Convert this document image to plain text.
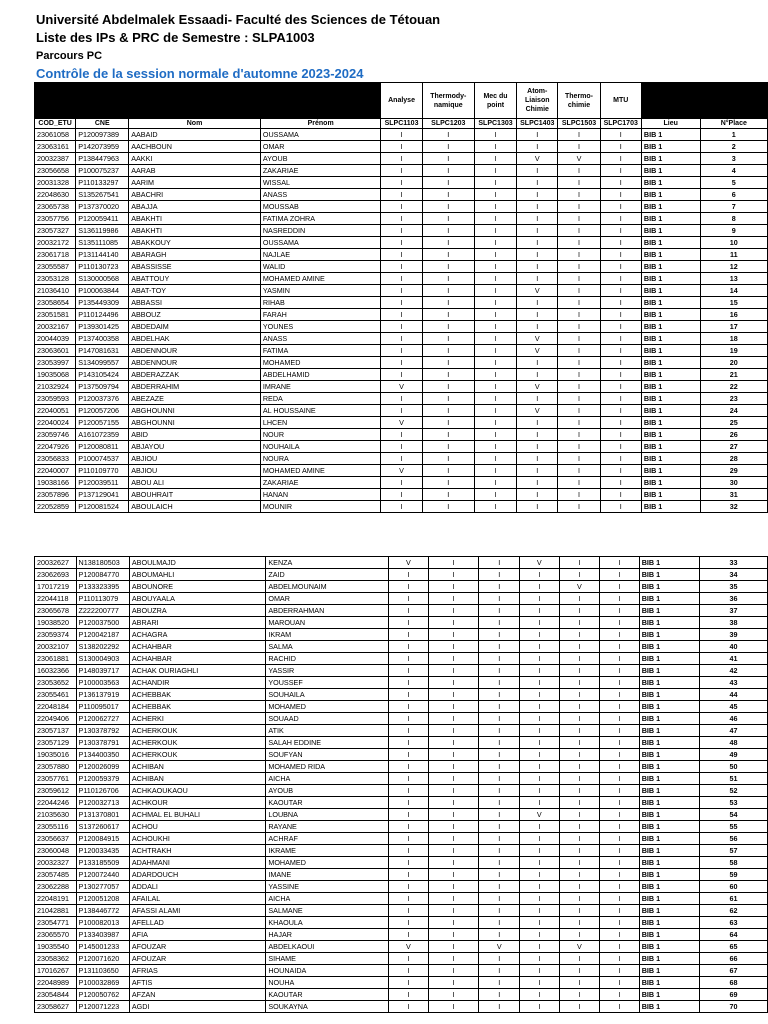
Université Abdelmalek Essaadi- Faculté des Sciences de Tétouan
Liste des IPs & PRC de Semestre : SLPA1003
Parcours PC
Contrôle de la session normale d'automne 2023-2024
				Analyse	Thermody-namique	Mec du point	Atom-Liaison Chimie	Thermo-chimie	MTU		
COD_ETU	CNE	Nom	Prénom	SLPC1103	SLPC1203	SLPC1303	SLPC1403	SLPC1503	SLPC1703	Lieu	N°Place
23061058	P120097389	AABAID	OUSSAMA	I	I	I	I	I	I	BIB 1	1
23063161	P142073959	AACHBOUN	OMAR	I	I	I	I	I	I	BIB 1	2
20032387	P138447963	AAKKI	AYOUB	I	I	I	V	V	I	BIB 1	3
23056658	P100075237	AARAB	ZAKARIAE	I	I	I	I	I	I	BIB 1	4
20031328	P110133297	AARIM	WISSAL	I	I	I	I	I	I	BIB 1	5
22048630	S135267541	ABACHRI	ANASS	I	I	I	I	I	I	BIB 1	6
23065738	P137370020	ABAJJA	MOUSSAB	I	I	I	I	I	I	BIB 1	7
23057756	P120059411	ABAKHTI	FATIMA ZOHRA	I	I	I	I	I	I	BIB 1	8
23057327	S136119986	ABAKHTI	NASREDDIN	I	I	I	I	I	I	BIB 1	9
20032172	S135111085	ABAKKOUY	OUSSAMA	I	I	I	I	I	I	BIB 1	10
23061718	P131144140	ABARAGH	NAJLAE	I	I	I	I	I	I	BIB 1	11
23055587	P110130723	ABASSISSE	WALID	I	I	I	I	I	I	BIB 1	12
23053128	S130000568	ABATTOUY	MOHAMED AMINE	I	I	I	I	I	I	BIB 1	13
21036410	P100063844	ABAT-TOY	YASMIN	I	I	I	V	I	I	BIB 1	14
23058654	P135449309	ABBASSI	RIHAB	I	I	I	I	I	I	BIB 1	15
23051581	P110124496	ABBOUZ	FARAH	I	I	I	I	I	I	BIB 1	16
20032167	P139301425	ABDEDAIM	YOUNES	I	I	I	I	I	I	BIB 1	17
20044039	P137400358	ABDELHAK	ANASS	I	I	I	V	I	I	BIB 1	18
23063601	P147081631	ABDENNOUR	FATIMA	I	I	I	V	I	I	BIB 1	19
23053997	S134099557	ABDENNOUR	MOHAMED	I	I	I	I	I	I	BIB 1	20
19035068	P143105424	ABDERAZZAK	ABDELHAMID	I	I	I	I	I	I	BIB 1	21
21032924	P137509794	ABDERRAHIM	IMRANE	V	I	I	V	I	I	BIB 1	22
23059593	P120037376	ABEZAZE	REDA	I	I	I	I	I	I	BIB 1	23
22040051	P120057206	ABGHOUNNI	AL HOUSSAINE	I	I	I	V	I	I	BIB 1	24
22040024	P120057155	ABGHOUNNI	LHCEN	V	I	I	I	I	I	BIB 1	25
23059746	A161072359	ABID	NOUR	I	I	I	I	I	I	BIB 1	26
22047926	P120080811	ABJAYOU	NOUHAILA	I	I	I	I	I	I	BIB 1	27
23056833	P100074537	ABJIOU	NOURA	I	I	I	I	I	I	BIB 1	28
22040007	P110109770	ABJIOU	MOHAMED AMINE	V	I	I	I	I	I	BIB 1	29
19038166	P120039511	ABOU ALI	ZAKARIAE	I	I	I	I	I	I	BIB 1	30
23057896	P137129041	ABOUHRAIT	HANAN	I	I	I	I	I	I	BIB 1	31
22052859	P120081524	ABOULAICH	MOUNIR	I	I	I	I	I	I	BIB 1	32
20032627	N138180503	ABOULMAJD	KENZA	V	I	I	V	I	I	BIB 1	33
23062693	P120084770	ABOUMAHLI	ZAID	I	I	I	I	I	I	BIB 1	34
17017219	P133323395	ABOUNORE	ABDELMOUNAIM	I	I	I	I	V	I	BIB 1	35
22044118	P110113079	ABOUYAALA	OMAR	I	I	I	I	I	I	BIB 1	36
23065678	Z222200777	ABOUZRA	ABDERRAHMAN	I	I	I	I	I	I	BIB 1	37
19038520	P120037500	ABRARI	MAROUAN	I	I	I	I	I	I	BIB 1	38
23059374	P120042187	ACHAGRA	IKRAM	I	I	I	I	I	I	BIB 1	39
20032107	S138202292	ACHAHBAR	SALMA	I	I	I	I	I	I	BIB 1	40
23061881	S130004903	ACHAHBAR	RACHID	I	I	I	I	I	I	BIB 1	41
16032366	P148039717	ACHAK OURIAGHLI	YASSIR	I	I	I	I	I	I	BIB 1	42
23053652	P100003563	ACHANDIR	YOUSSEF	I	I	I	I	I	I	BIB 1	43
23055461	P136137919	ACHEBBAK	SOUHAILA	I	I	I	I	I	I	BIB 1	44
22048184	P110095017	ACHEBBAK	MOHAMED	I	I	I	I	I	I	BIB 1	45
22049406	P120062727	ACHERKI	SOUAAD	I	I	I	I	I	I	BIB 1	46
23057137	P130378792	ACHERKOUK	ATIK	I	I	I	I	I	I	BIB 1	47
23057129	P130378791	ACHERKOUK	SALAH EDDINE	I	I	I	I	I	I	BIB 1	48
19035016	P134400350	ACHERKOUK	SOUFYAN	I	I	I	I	I	I	BIB 1	49
23057880	P120026099	ACHIBAN	MOHAMED RIDA	I	I	I	I	I	I	BIB 1	50
23057761	P120059379	ACHIBAN	AICHA	I	I	I	I	I	I	BIB 1	51
23059612	P110126706	ACHKAOUKAOU	AYOUB	I	I	I	I	I	I	BIB 1	52
22044246	P120032713	ACHKOUR	KAOUTAR	I	I	I	I	I	I	BIB 1	53
21035630	P131370801	ACHMAL EL BUHALI	LOUBNA	I	I	I	V	I	I	BIB 1	54
23055116	S137260617	ACHOU	RAYANE	I	I	I	I	I	I	BIB 1	55
23056637	P120084915	ACHOUKHI	ACHRAF	I	I	I	I	I	I	BIB 1	56
23060048	P120033435	ACHTRAKH	IKRAME	I	I	I	I	I	I	BIB 1	57
20032327	P133185509	ADAHMANI	MOHAMED	I	I	I	I	I	I	BIB 1	58
23057485	P120072440	ADARDOUCH	IMANE	I	I	I	I	I	I	BIB 1	59
23062288	P130277057	ADDALI	YASSINE	I	I	I	I	I	I	BIB 1	60
22048191	P120051208	AFAILAL	AICHA	I	I	I	I	I	I	BIB 1	61
21042881	P138446772	AFASSI ALAMI	SALMANE	I	I	I	I	I	I	BIB 1	62
23054771	P100082013	AFELLAD	KHAOULA	I	I	I	I	I	I	BIB 1	63
23065570	P133403987	AFIA	HAJAR	I	I	I	I	I	I	BIB 1	64
19035540	P145001233	AFOUZAR	ABDELKAOUI	V	I	V	I	V	I	BIB 1	65
23058362	P120071620	AFOUZAR	SIHAME	I	I	I	I	I	I	BIB 1	66
17016267	P131103650	AFRIAS	HOUNAIDA	I	I	I	I	I	I	BIB 1	67
22048989	P100032869	AFTIS	NOUHA	I	I	I	I	I	I	BIB 1	68
23054844	P120050762	AFZAN	KAOUTAR	I	I	I	I	I	I	BIB 1	69
23058627	P120071223	AGDI	SOUKAYNA	I	I	I	I	I	I	BIB 1	70
